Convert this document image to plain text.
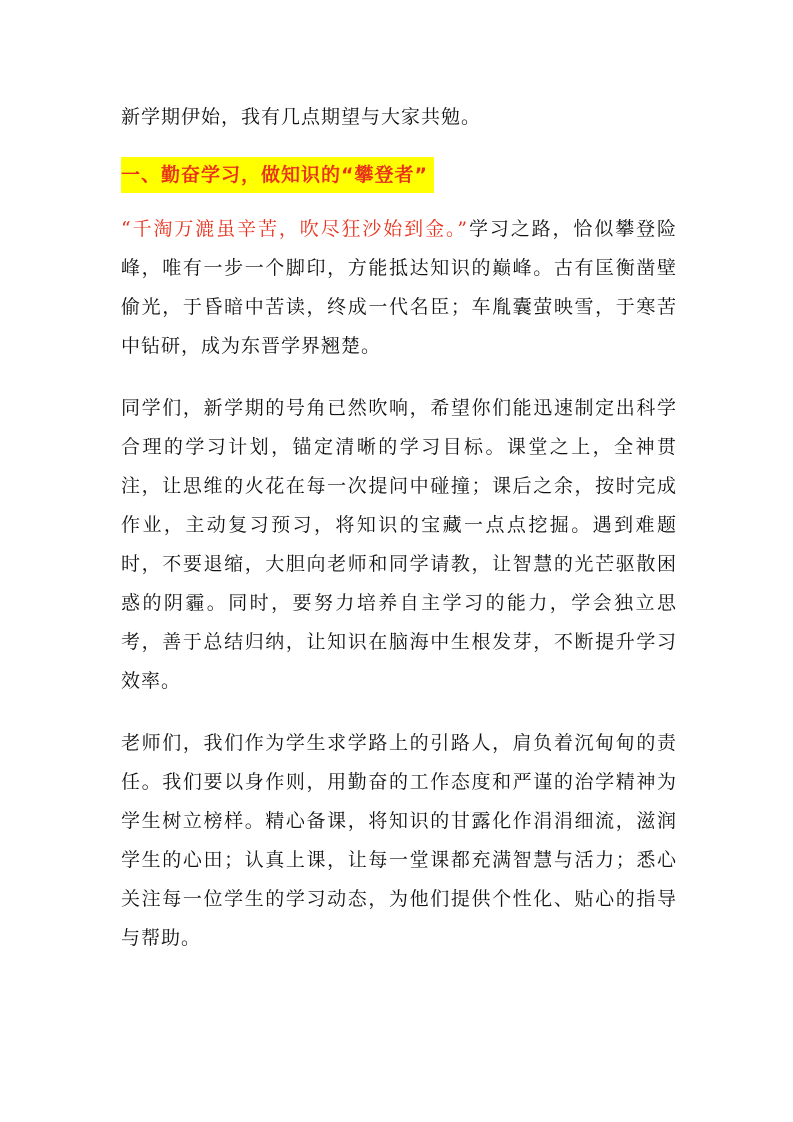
新学期伊始，我有几点期望与大家共勉。

一、勤奋学习，做知识的“攀登者”

“千淘万漉虽辛苦，吹尽狂沙始到金。”学习之路，恰似攀登险峰，唯有一步一个脚印，方能抵达知识的巅峰。古有匡衡凿壁偷光，于昏暗中苦读，终成一代名臣；车胤囊萤映雪，于寒苦中钻研，成为东晋学界翘楚。

同学们，新学期的号角已然吹响，希望你们能迅速制定出科学合理的学习计划，锚定清晰的学习目标。课堂之上，全神贯注，让思维的火花在每一次提问中碰撞；课后之余，按时完成作业，主动复习预习，将知识的宝藏一点点挖掘。遇到难题时，不要退缩，大胆向老师和同学请教，让智慧的光芒驱散困惑的阴霾。同时，要努力培养自主学习的能力，学会独立思考，善于总结归纳，让知识在脑海中生根发芽，不断提升学习效率。

老师们，我们作为学生求学路上的引路人，肩负着沉甸甸的责任。我们要以身作则，用勤奋的工作态度和严谨的治学精神为学生树立榜样。精心备课，将知识的甘露化作涓涓细流，滋润学生的心田；认真上课，让每一堂课都充满智慧与活力；悉心关注每一位学生的学习动态，为他们提供个性化、贴心的指导与帮助。
